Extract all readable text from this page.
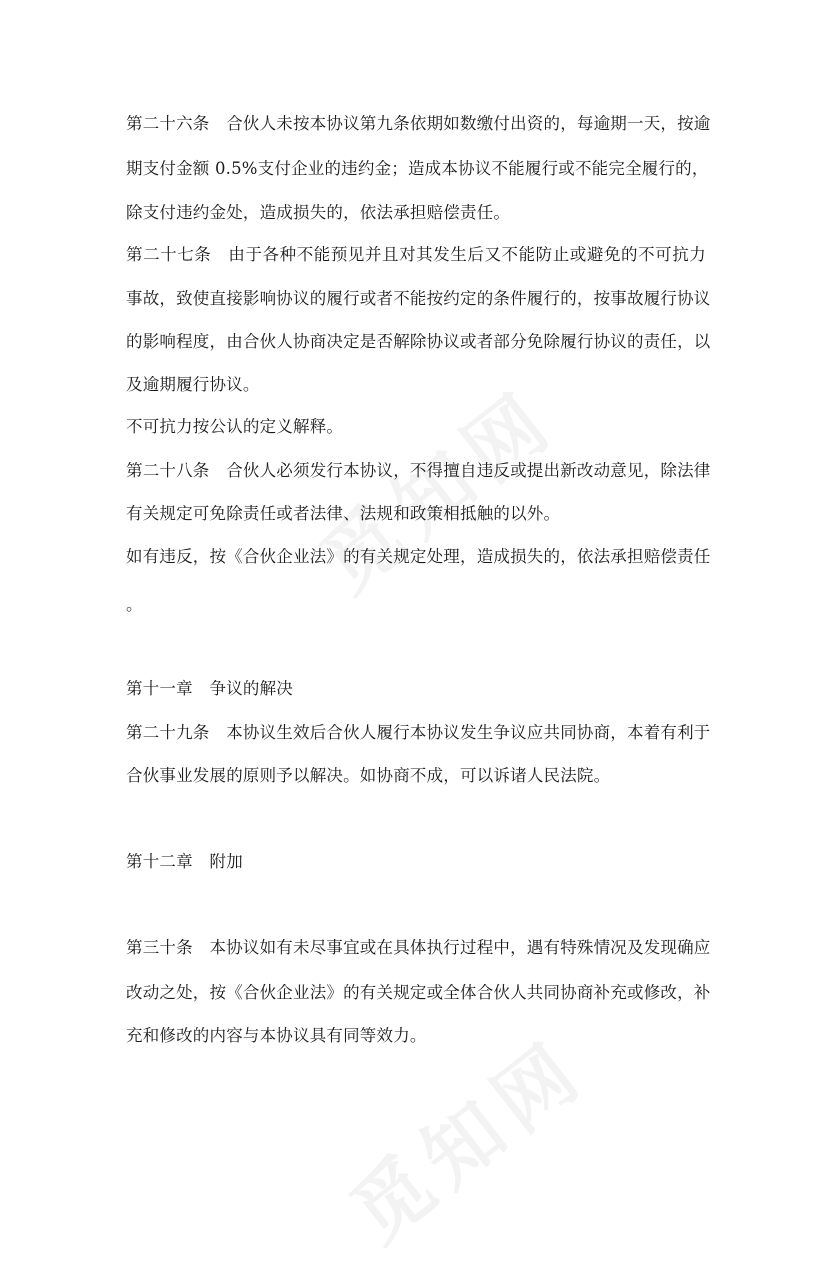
第二十六条　合伙人未按本协议第九条依期如数缴付出资的，每逾期一天，按逾
期支付金额 0.5%支付企业的违约金；造成本协议不能履行或不能完全履行的，
除支付违约金处，造成损失的，依法承担赔偿责任。
第二十七条　由于各种不能预见并且对其发生后又不能防止或避免的不可抗力
事故，致使直接影响协议的履行或者不能按约定的条件履行的，按事故履行协议
的影响程度，由合伙人协商决定是否解除协议或者部分免除履行协议的责任，以
及逾期履行协议。
不可抗力按公认的定义解释。
第二十八条　合伙人必须发行本协议，不得擅自违反或提出新改动意见，除法律
有关规定可免除责任或者法律、法规和政策相抵触的以外。
如有违反，按《合伙企业法》的有关规定处理，造成损失的，依法承担赔偿责任
。
第十一章　争议的解决
第二十九条　本协议生效后合伙人履行本协议发生争议应共同协商，本着有利于
合伙事业发展的原则予以解决。如协商不成，可以诉诸人民法院。
第十二章　附加
第三十条　本协议如有未尽事宜或在具体执行过程中，遇有特殊情况及发现确应
改动之处，按《合伙企业法》的有关规定或全体合伙人共同协商补充或修改，补
充和修改的内容与本协议具有同等效力。
